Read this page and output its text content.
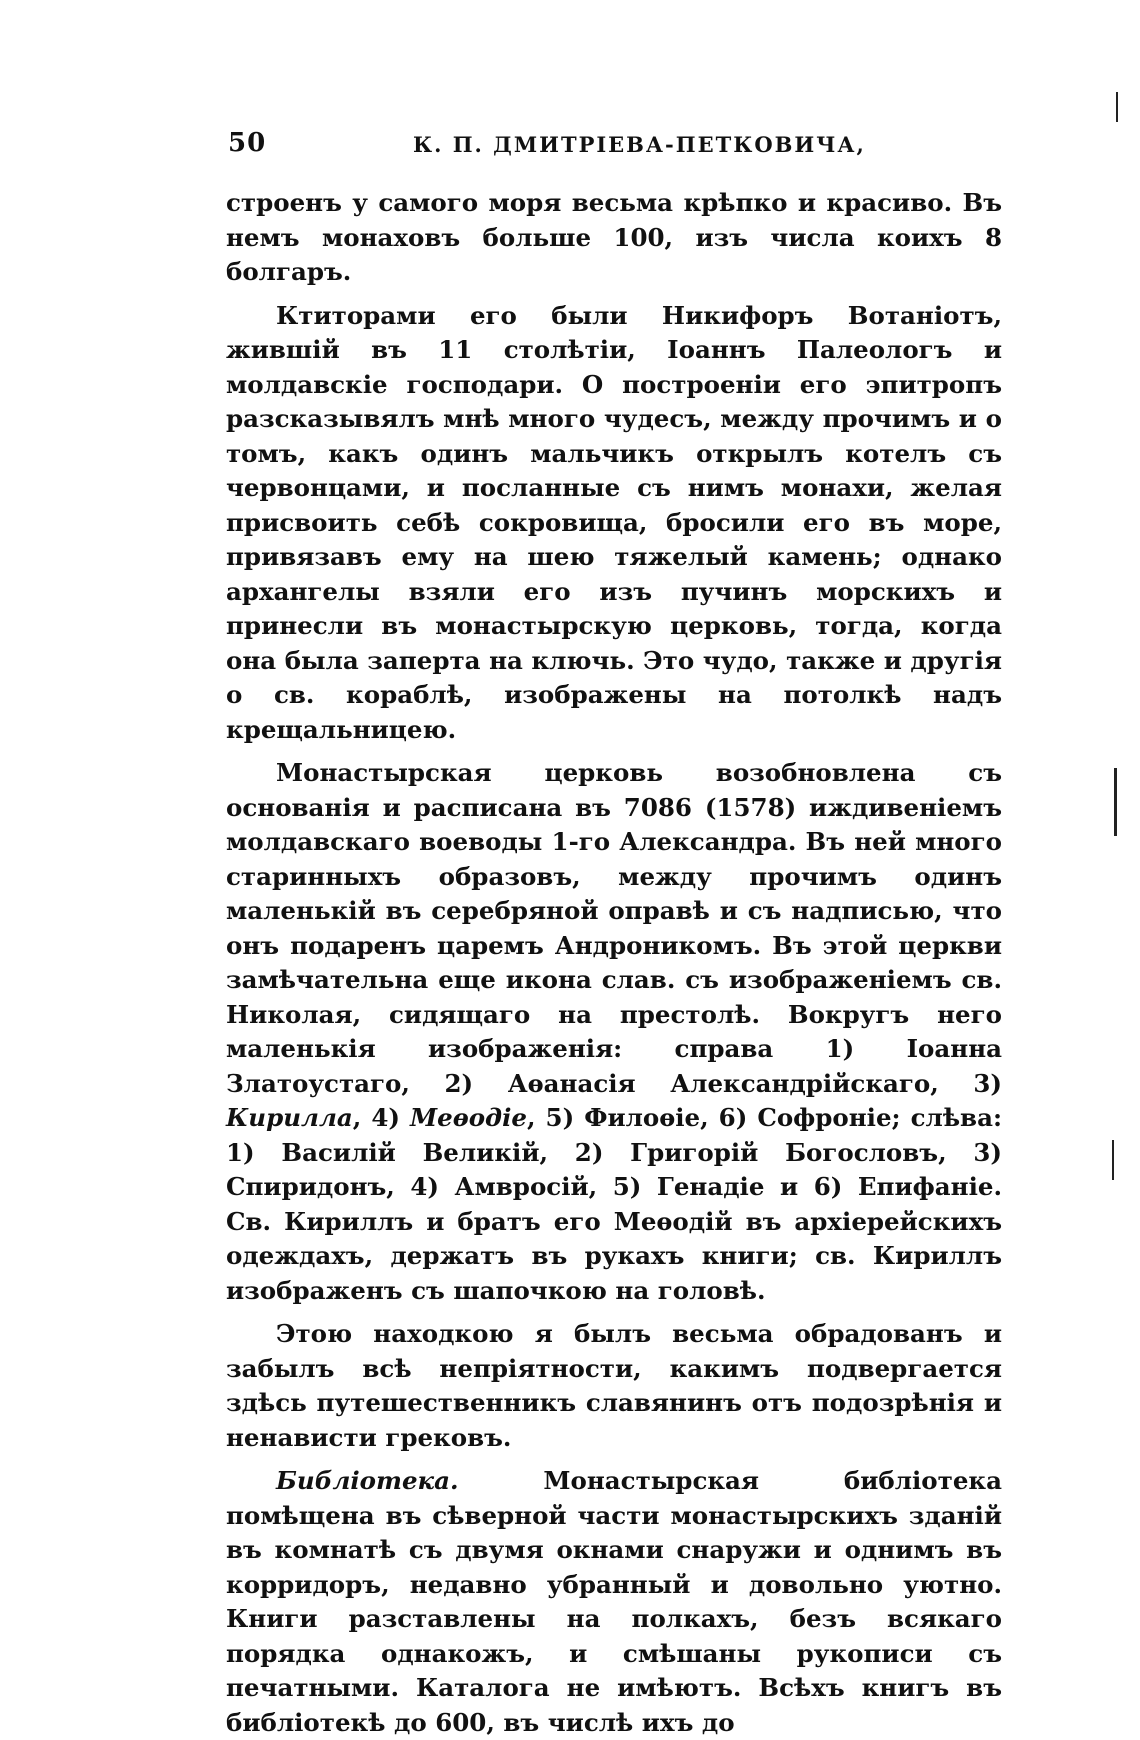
50	К. П. ДМИТРІЕВА-ПЕТКОВИЧА,

строенъ у самого моря весьма крѣпко и красиво. Въ немъ монаховъ больше 100, изъ числа коихъ 8 болгаръ.

Ктиторами его были Никифоръ Вотаніотъ, жившій въ 11 столѣтіи, Іоаннъ Палеологъ и молдавскіе господари. О построеніи его эпитропъ разсказывялъ мнѣ много чудесъ, между прочимъ и о томъ, какъ одинъ мальчикъ открылъ котелъ съ червонцами, и посланные съ нимъ монахи, желая присвоить себѣ сокровища, бросили его въ море, привязавъ ему на шею тяжелый камень; однако архангелы взяли его изъ пучинъ морскихъ и принесли въ монастырскую церковь, тогда, когда она была заперта на ключь. Это чудо, также и другія о св. кораблѣ, изображены на потолкѣ надъ крещальницею.

Монастырская церковь возобновлена съ основанія и расписана въ 7086 (1578) иждивеніемъ молдавскаго воеводы 1-го Александра. Въ ней много старинныхъ образовъ, между прочимъ одинъ маленькій въ серебряной оправѣ и съ надписью, что онъ подаренъ царемъ Андроникомъ. Въ этой церкви замѣчательна еще икона слав. съ изображеніемъ св. Николая, сидящаго на престолѣ. Вокругъ него маленькія изображенія: справа 1) Іоанна Златоустаго, 2) Аѳанасія Александрійскаго, 3) Кирилла, 4) Меѳодіе, 5) Филоѳіе, 6) Софроніе; слѣва: 1) Василій Великій, 2) Григорій Богословъ, 3) Спиридонъ, 4) Амвросій, 5) Генадіе и 6) Епифаніе. Св. Кириллъ и братъ его Меѳодій въ архіерейскихъ одеждахъ, держатъ въ рукахъ книги; св. Кириллъ изображенъ съ шапочкою на головѣ.

Этою находкою я былъ весьма обрадованъ и забылъ всѣ непріятности, какимъ подвергается здѣсь путешественникъ славянинъ отъ подозрѣнія и ненависти грековъ.

Библіотека. Монастырская библіотека помѣщена въ сѣверной части монастырскихъ зданій въ комнатѣ съ двумя окнами снаружи и однимъ въ корридоръ, недавно убранный и довольно уютно. Книги разставлены на полкахъ, безъ всякаго порядка однакожъ, и смѣшаны рукописи съ печатными. Каталога не имѣютъ. Всѣхъ книгъ въ библіотекѣ до 600, въ числѣ ихъ до
